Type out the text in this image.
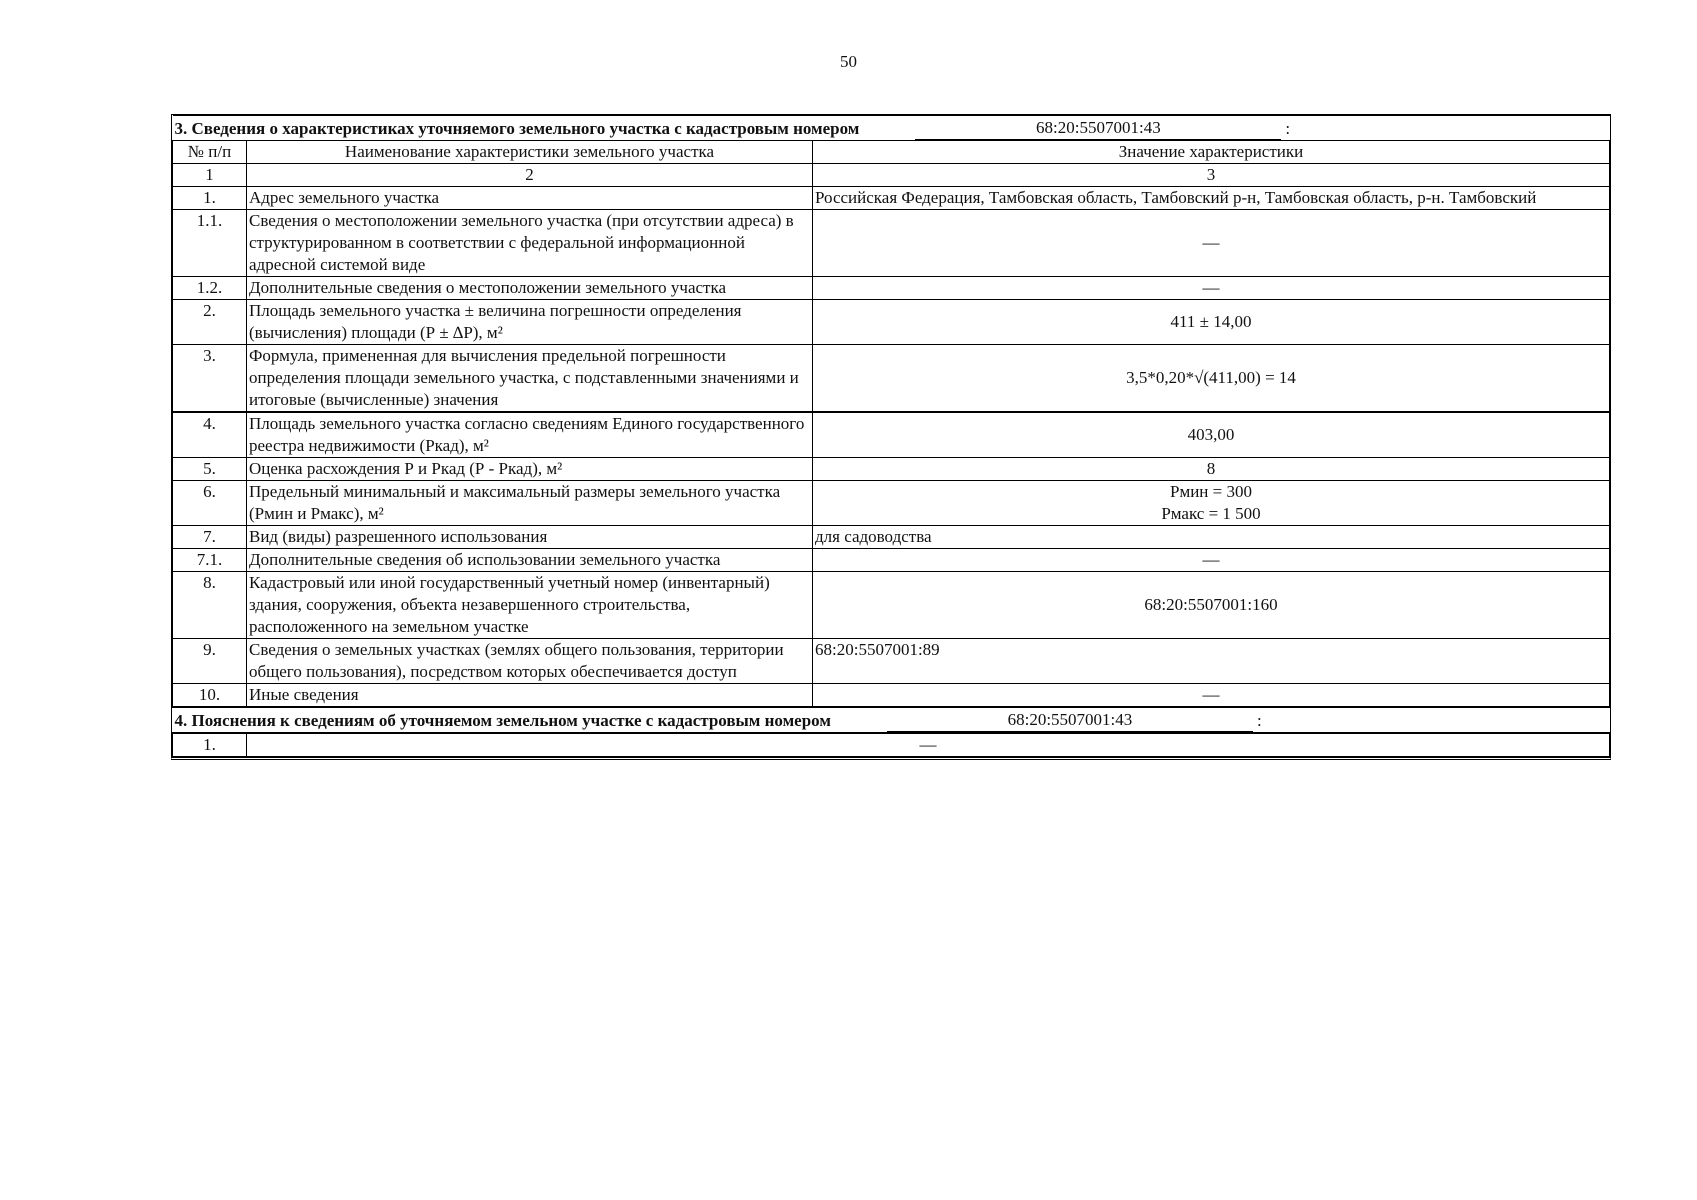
50
3. Сведения о характеристиках уточняемого земельного участка с кадастровым номером 68:20:5507001:43 :		

№ п/п	Наименование характеристики земельного участка	Значение характеристики
1	2	3
1.	Адрес земельного участка	Российская Федерация, Тамбовская область, Тамбовский р-н, Тамбовская область, р-н. Тамбовский
1.1.	Сведения о местоположении земельного участка (при отсутствии адреса) в структурированном в соответствии с федеральной информационной адресной системой виде	—
1.2.	Дополнительные сведения о местоположении земельного участка	—
2.	Площадь земельного участка ± величина погрешности определения (вычисления) площади (Р ± ∆Р), м²	411 ± 14,00
3.	Формула, примененная для вычисления предельной погрешности определения площади земельного участка, с подставленными значениями и итоговые (вычисленные) значения	3,5*0,20*√(411,00) = 14
4.	Площадь земельного участка согласно сведениям Единого государственного реестра недвижимости (Ркад), м²	403,00
5.	Оценка расхождения Р и Ркад (Р - Ркад), м²	8
6.	Предельный минимальный и максимальный размеры земельного участка (Рмин и Рмакс), м²	Рмин = 300
Рмакс = 1 500

7.	Вид (виды) разрешенного использования	для садоводства
7.1.	Дополнительные сведения об использовании земельного участка	—
8.	Кадастровый или иной государственный учетный номер (инвентарный) здания, сооружения, объекта незавершенного строительства, расположенного на земельном участке	68:20:5507001:160
9.	Сведения о земельных участках (землях общего пользования, территории общего пользования), посредством которых обеспечивается доступ	68:20:5507001:89
10.	Иные сведения	—

4. Пояснения к сведениям об уточняемом земельном участке с кадастровым номером 68:20:5507001:43 :		

1.	—	
